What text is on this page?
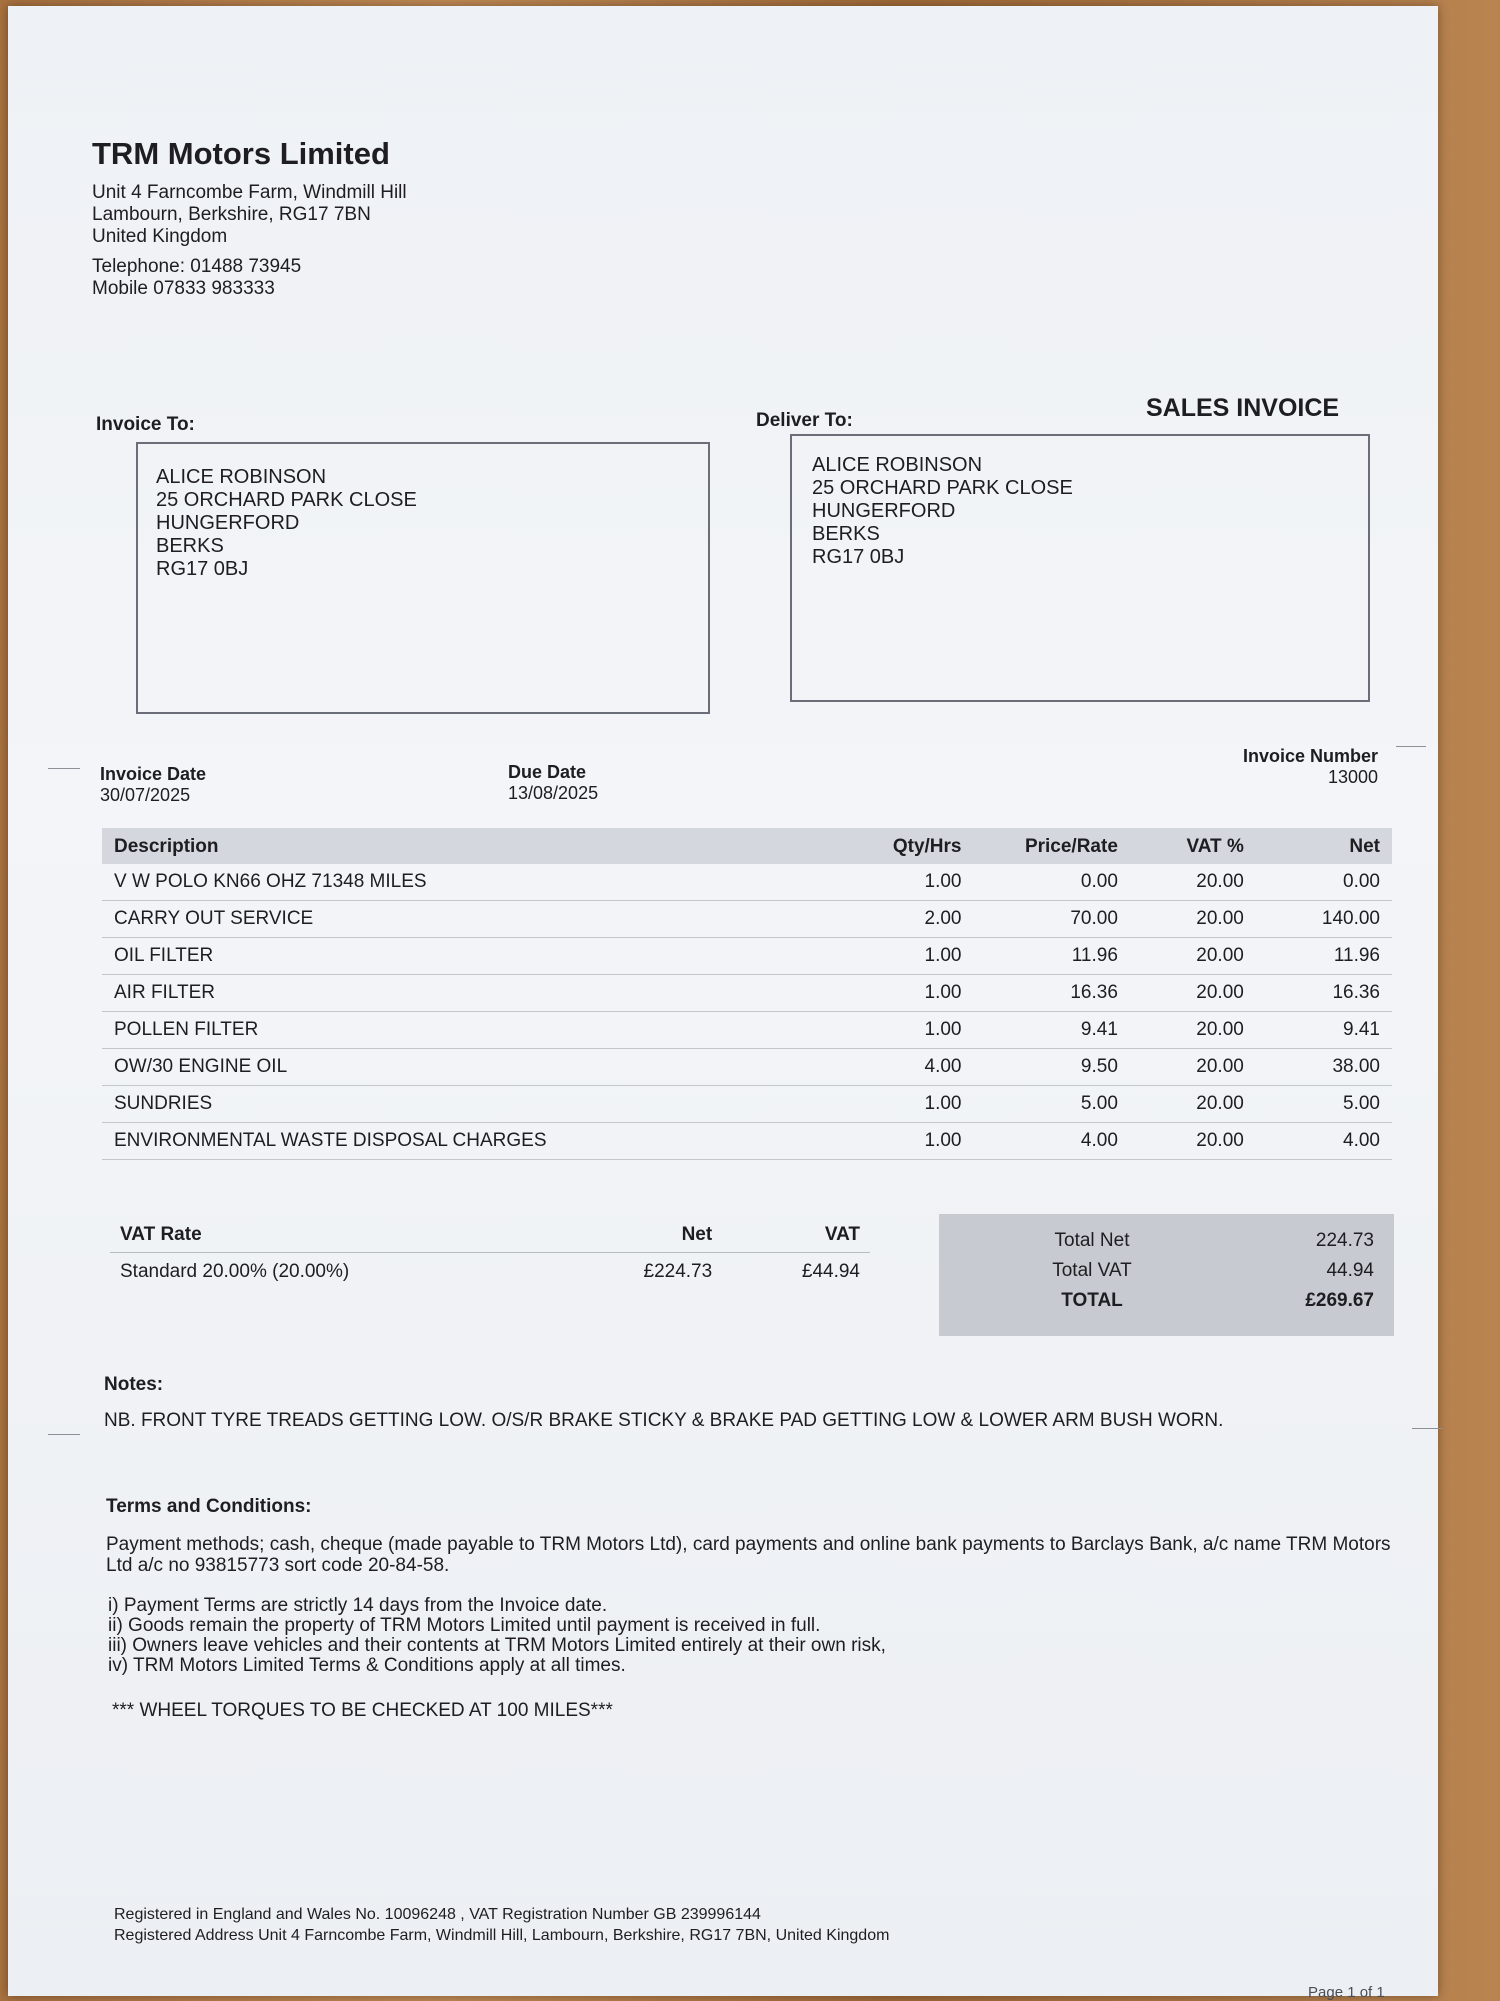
TRM Motors Limited
Unit 4 Farncombe Farm, Windmill Hill
Lambourn, Berkshire, RG17 7BN
United Kingdom
Telephone: 01488 73945
Mobile 07833 983333
SALES INVOICE
Invoice To:
ALICE ROBINSON
25 ORCHARD PARK CLOSE
HUNGERFORD
BERKS
RG17 0BJ
Deliver To:
ALICE ROBINSON
25 ORCHARD PARK CLOSE
HUNGERFORD
BERKS
RG17 0BJ
Invoice Date
30/07/2025
Due Date
13/08/2025
Invoice Number
13000
Description	Qty/Hrs	Price/Rate	VAT %	Net
V W POLO KN66 OHZ 71348 MILES	1.00	0.00	20.00	0.00
CARRY OUT SERVICE	2.00	70.00	20.00	140.00
OIL FILTER	1.00	11.96	20.00	11.96
AIR FILTER	1.00	16.36	20.00	16.36
POLLEN FILTER	1.00	9.41	20.00	9.41
OW/30 ENGINE OIL	4.00	9.50	20.00	38.00
SUNDRIES	1.00	5.00	20.00	5.00
ENVIRONMENTAL WASTE DISPOSAL CHARGES	1.00	4.00	20.00	4.00
VAT Rate	Net	VAT
Standard 20.00% (20.00%)	£224.73	£44.94
Total Net	224.73
Total VAT	44.94
TOTAL	£269.67
Notes:
NB. FRONT TYRE TREADS GETTING LOW. O/S/R BRAKE STICKY & BRAKE PAD GETTING LOW & LOWER ARM BUSH WORN.
Terms and Conditions:
Payment methods; cash, cheque (made payable to TRM Motors Ltd), card payments and online bank payments to Barclays Bank, a/c name TRM Motors Ltd a/c no 93815773 sort code 20-84-58.
i) Payment Terms are strictly 14 days from the Invoice date.
ii) Goods remain the property of TRM Motors Limited until payment is received in full.
iii) Owners leave vehicles and their contents at TRM Motors Limited entirely at their own risk,
iv) TRM Motors Limited Terms & Conditions apply at all times.
*** WHEEL TORQUES TO BE CHECKED AT 100 MILES***
Registered in England and Wales No. 10096248 , VAT Registration Number GB 239996144
Registered Address Unit 4 Farncombe Farm, Windmill Hill, Lambourn, Berkshire, RG17 7BN, United Kingdom
Page 1 of 1
